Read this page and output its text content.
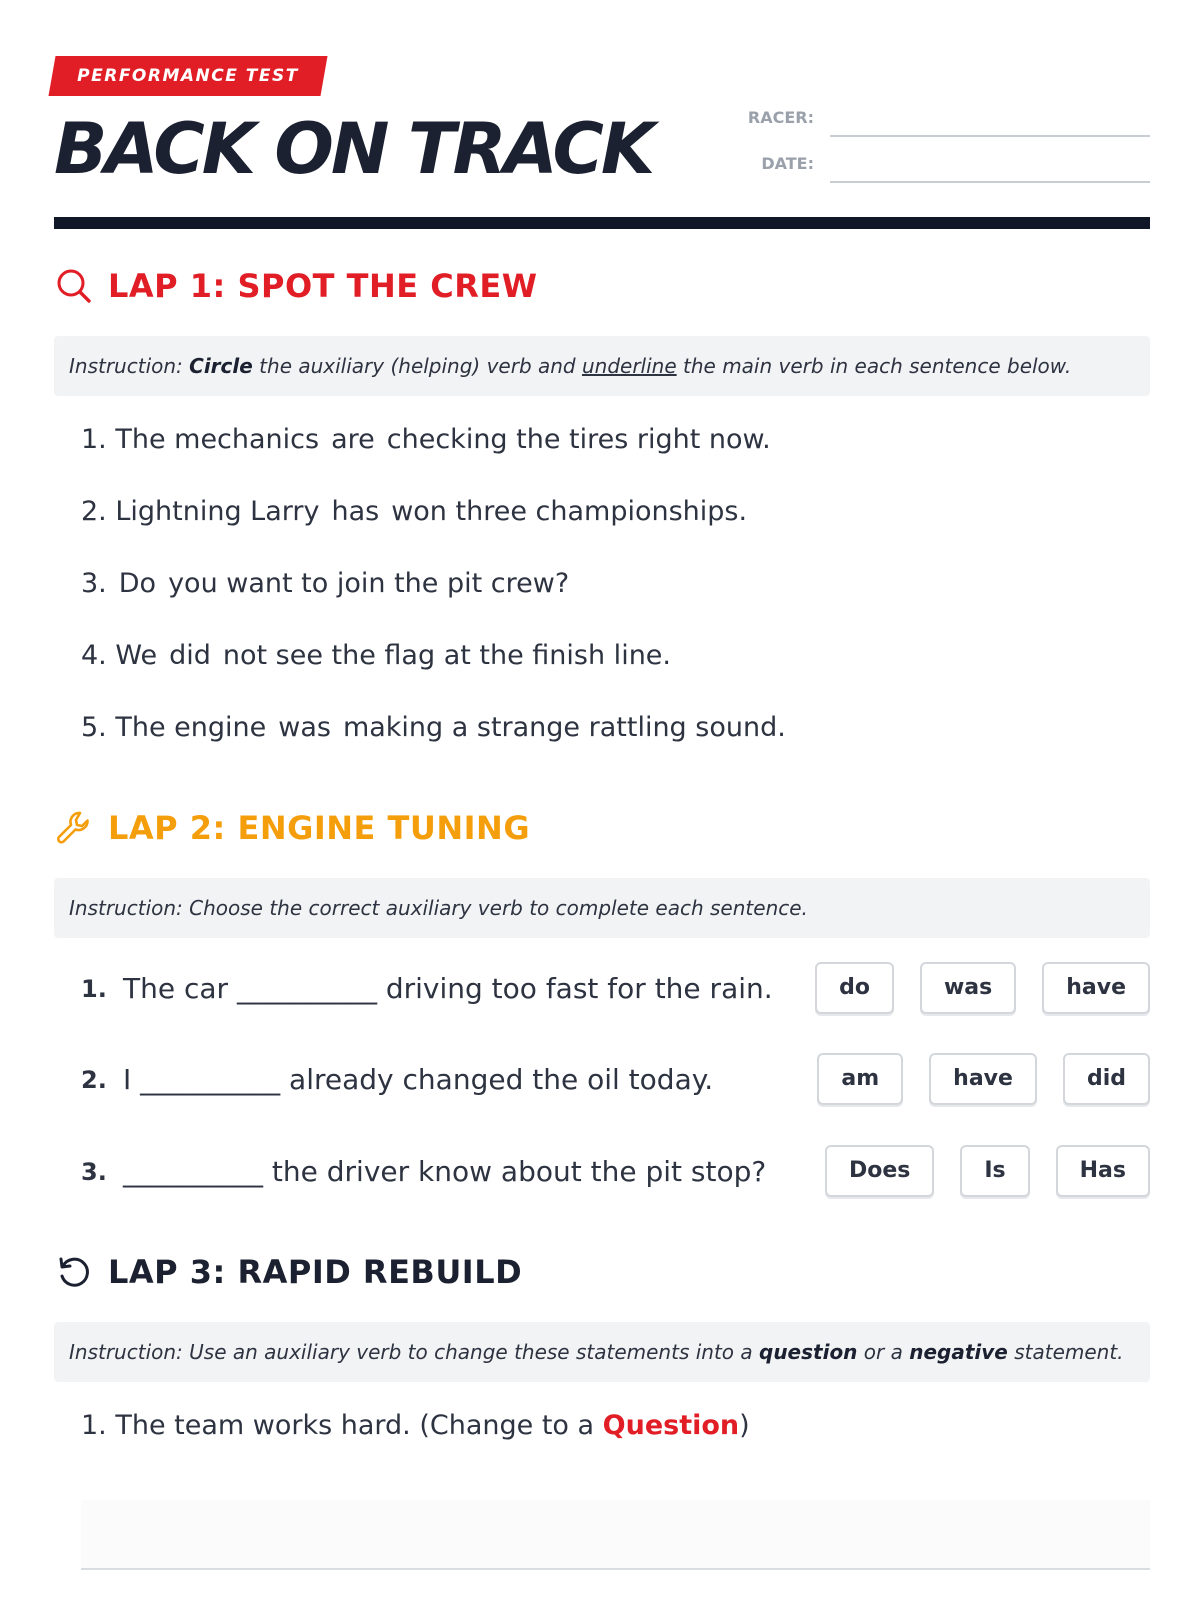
PERFORMANCE TEST
BACK ON TRACK	RACER:
DATE:
LAP 1: SPOT THE CREW
Instruction: Circle the auxiliary (helping) verb and underline the main verb in each sentence below.
1. The mechanics are checking the tires right now.
2. Lightning Larry has won three championships.
3. Do you want to join the pit crew?
4. We did not see the flag at the finish line.
5. The engine was making a strange rattling sound.
LAP 2: ENGINE TUNING
Instruction: Choose the correct auxiliary verb to complete each sentence.
1. The car __________ driving too fast for the rain.	do	was	have
2. I __________ already changed the oil today.	am	have	did
3. __________ the driver know about the pit stop?	Does	Is	Has
LAP 3: RAPID REBUILD
Instruction: Use an auxiliary verb to change these statements into a question or a negative statement.
1. The team works hard. (Change to a Question)
